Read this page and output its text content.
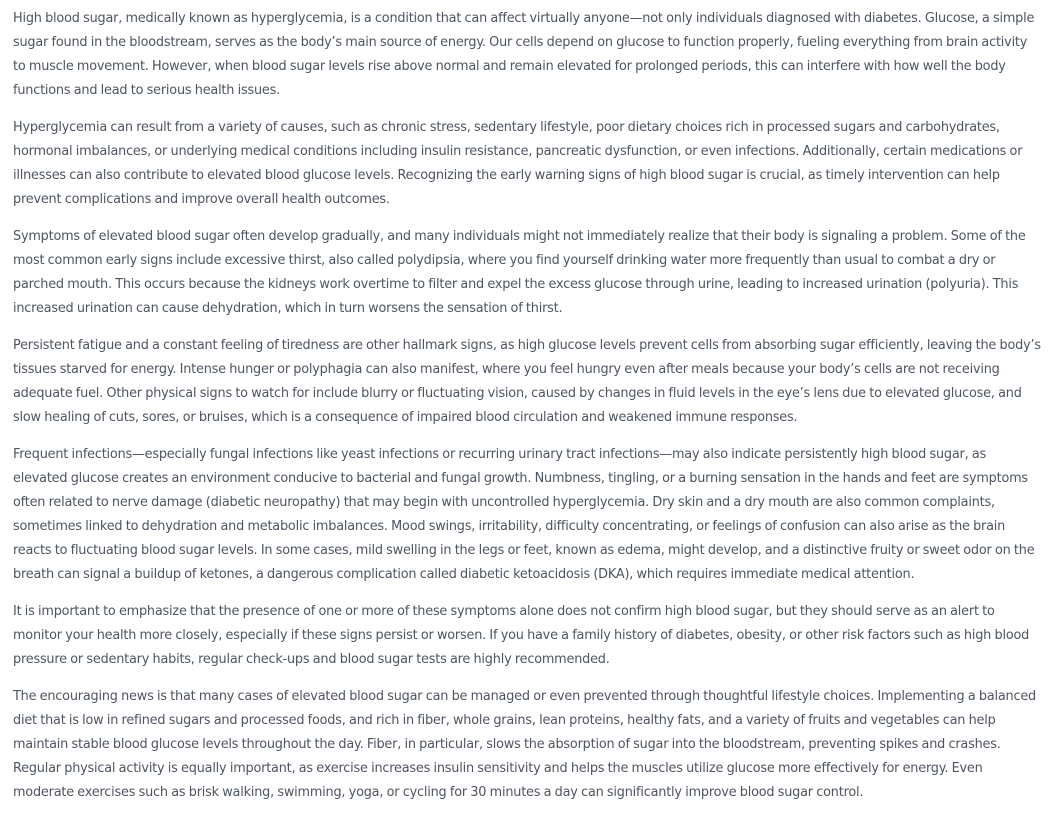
High blood sugar, medically known as hyperglycemia, is a condition that can affect virtually anyone—not only individuals diagnosed with diabetes. Glucose, a simple sugar found in the bloodstream, serves as the body’s main source of energy. Our cells depend on glucose to function properly, fueling everything from brain activity to muscle movement. However, when blood sugar levels rise above normal and remain elevated for prolonged periods, this can interfere with how well the body functions and lead to serious health issues.

Hyperglycemia can result from a variety of causes, such as chronic stress, sedentary lifestyle, poor dietary choices rich in processed sugars and carbohydrates, hormonal imbalances, or underlying medical conditions including insulin resistance, pancreatic dysfunction, or even infections. Additionally, certain medications or illnesses can also contribute to elevated blood glucose levels. Recognizing the early warning signs of high blood sugar is crucial, as timely intervention can help prevent complications and improve overall health outcomes.

Symptoms of elevated blood sugar often develop gradually, and many individuals might not immediately realize that their body is signaling a problem. Some of the most common early signs include excessive thirst, also called polydipsia, where you find yourself drinking water more frequently than usual to combat a dry or parched mouth. This occurs because the kidneys work overtime to filter and expel the excess glucose through urine, leading to increased urination (polyuria). This increased urination can cause dehydration, which in turn worsens the sensation of thirst.

Persistent fatigue and a constant feeling of tiredness are other hallmark signs, as high glucose levels prevent cells from absorbing sugar efficiently, leaving the body’s tissues starved for energy. Intense hunger or polyphagia can also manifest, where you feel hungry even after meals because your body’s cells are not receiving adequate fuel. Other physical signs to watch for include blurry or fluctuating vision, caused by changes in fluid levels in the eye’s lens due to elevated glucose, and slow healing of cuts, sores, or bruises, which is a consequence of impaired blood circulation and weakened immune responses.

Frequent infections—especially fungal infections like yeast infections or recurring urinary tract infections—may also indicate persistently high blood sugar, as elevated glucose creates an environment conducive to bacterial and fungal growth. Numbness, tingling, or a burning sensation in the hands and feet are symptoms often related to nerve damage (diabetic neuropathy) that may begin with uncontrolled hyperglycemia. Dry skin and a dry mouth are also common complaints, sometimes linked to dehydration and metabolic imbalances. Mood swings, irritability, difficulty concentrating, or feelings of confusion can also arise as the brain reacts to fluctuating blood sugar levels. In some cases, mild swelling in the legs or feet, known as edema, might develop, and a distinctive fruity or sweet odor on the breath can signal a buildup of ketones, a dangerous complication called diabetic ketoacidosis (DKA), which requires immediate medical attention.

It is important to emphasize that the presence of one or more of these symptoms alone does not confirm high blood sugar, but they should serve as an alert to monitor your health more closely, especially if these signs persist or worsen. If you have a family history of diabetes, obesity, or other risk factors such as high blood pressure or sedentary habits, regular check-ups and blood sugar tests are highly recommended.

The encouraging news is that many cases of elevated blood sugar can be managed or even prevented through thoughtful lifestyle choices. Implementing a balanced diet that is low in refined sugars and processed foods, and rich in fiber, whole grains, lean proteins, healthy fats, and a variety of fruits and vegetables can help maintain stable blood glucose levels throughout the day. Fiber, in particular, slows the absorption of sugar into the bloodstream, preventing spikes and crashes. Regular physical activity is equally important, as exercise increases insulin sensitivity and helps the muscles utilize glucose more effectively for energy. Even moderate exercises such as brisk walking, swimming, yoga, or cycling for 30 minutes a day can significantly improve blood sugar control.
